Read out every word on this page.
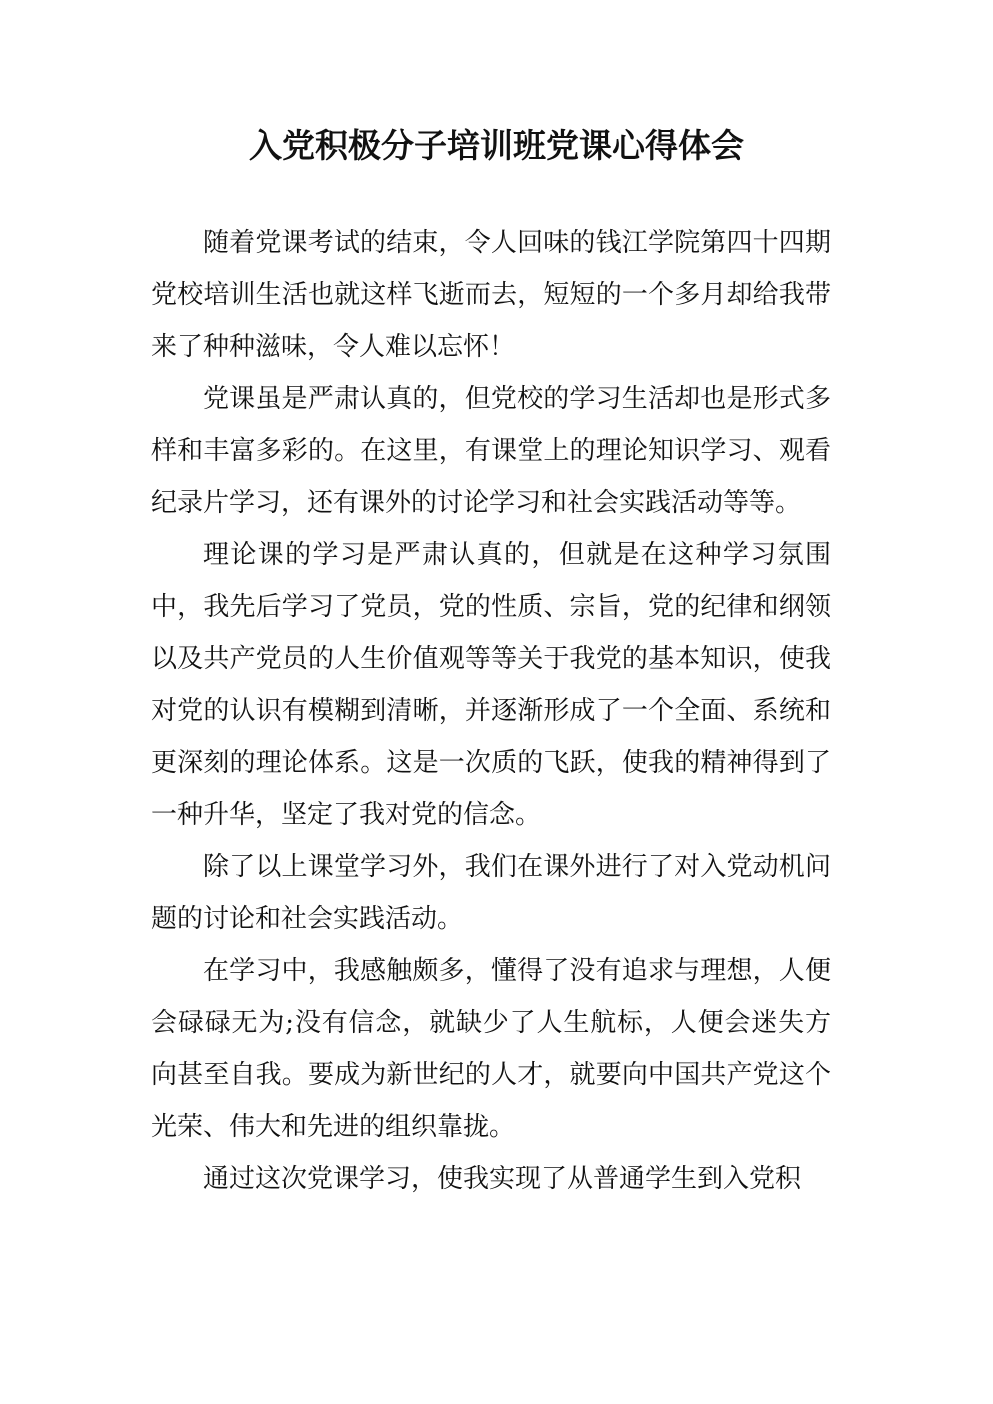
入党积极分子培训班党课心得体会

随着党课考试的结束，令人回味的钱江学院第四十四期党校培训生活也就这样飞逝而去，短短的一个多月却给我带来了种种滋味，令人难以忘怀！

党课虽是严肃认真的，但党校的学习生活却也是形式多样和丰富多彩的。在这里，有课堂上的理论知识学习、观看纪录片学习，还有课外的讨论学习和社会实践活动等等。

理论课的学习是严肃认真的，但就是在这种学习氛围中，我先后学习了党员，党的性质、宗旨，党的纪律和纲领以及共产党员的人生价值观等等关于我党的基本知识，使我对党的认识有模糊到清晰，并逐渐形成了一个全面、系统和更深刻的理论体系。这是一次质的飞跃，使我的精神得到了一种升华，坚定了我对党的信念。

除了以上课堂学习外，我们在课外进行了对入党动机问题的讨论和社会实践活动。

在学习中，我感触颇多，懂得了没有追求与理想，人便会碌碌无为;没有信念，就缺少了人生航标，人便会迷失方向甚至自我。要成为新世纪的人才，就要向中国共产党这个光荣、伟大和先进的组织靠拢。

通过这次党课学习，使我实现了从普通学生到入党积
